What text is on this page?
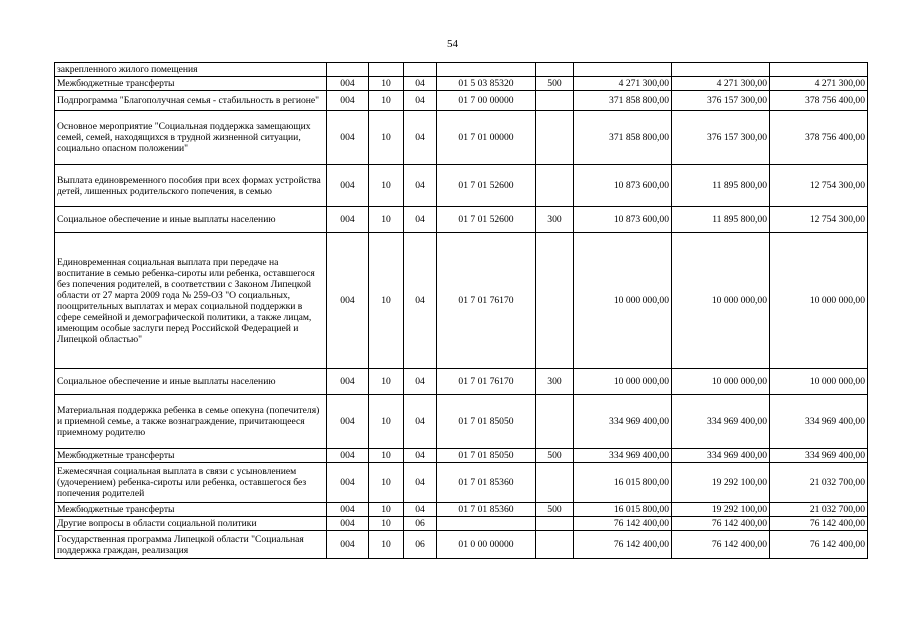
54
закрепленного жилого помещения								
Межбюджетные трансферты	004	10	04	01 5 03 85320	500	4 271 300,00	4 271 300,00	4 271 300,00
Подпрограмма "Благополучная семья - стабильность в регионе"	004	10	04	01 7 00 00000		371 858 800,00	376 157 300,00	378 756 400,00
Основное мероприятие "Социальная поддержка замещающих семей, семей, находящихся в трудной жизненной ситуации, социально опасном положении"	004	10	04	01 7 01 00000		371 858 800,00	376 157 300,00	378 756 400,00
Выплата единовременного пособия при всех формах устройства детей, лишенных родительского попечения, в семью	004	10	04	01 7 01 52600		10 873 600,00	11 895 800,00	12 754 300,00
Социальное обеспечение и иные выплаты населению	004	10	04	01 7 01 52600	300	10 873 600,00	11 895 800,00	12 754 300,00
Единовременная социальная выплата при передаче на воспитание в семью ребенка-сироты или ребенка, оставшегося без попечения родителей, в соответствии с Законом Липецкой области от 27 марта 2009 года № 259-ОЗ "О социальных, поощрительных выплатах и мерах социальной поддержки в сфере семейной и демографической политики, а также лицам, имеющим особые заслуги перед Российской Федерацией и Липецкой областью"	004	10	04	01 7 01 76170		10 000 000,00	10 000 000,00	10 000 000,00
Социальное обеспечение и иные выплаты населению	004	10	04	01 7 01 76170	300	10 000 000,00	10 000 000,00	10 000 000,00
Материальная поддержка ребенка в семье опекуна (попечителя) и приемной семье, а также вознаграждение, причитающееся приемному родителю	004	10	04	01 7 01 85050		334 969 400,00	334 969 400,00	334 969 400,00
Межбюджетные трансферты	004	10	04	01 7 01 85050	500	334 969 400,00	334 969 400,00	334 969 400,00
Ежемесячная социальная выплата в связи с усыновлением (удочерением) ребенка-сироты или ребенка, оставшегося без попечения родителей	004	10	04	01 7 01 85360		16 015 800,00	19 292 100,00	21 032 700,00
Межбюджетные трансферты	004	10	04	01 7 01 85360	500	16 015 800,00	19 292 100,00	21 032 700,00
Другие вопросы в области социальной политики	004	10	06			76 142 400,00	76 142 400,00	76 142 400,00
Государственная программа Липецкой области "Социальная поддержка граждан, реализация	004	10	06	01 0 00 00000		76 142 400,00	76 142 400,00	76 142 400,00
